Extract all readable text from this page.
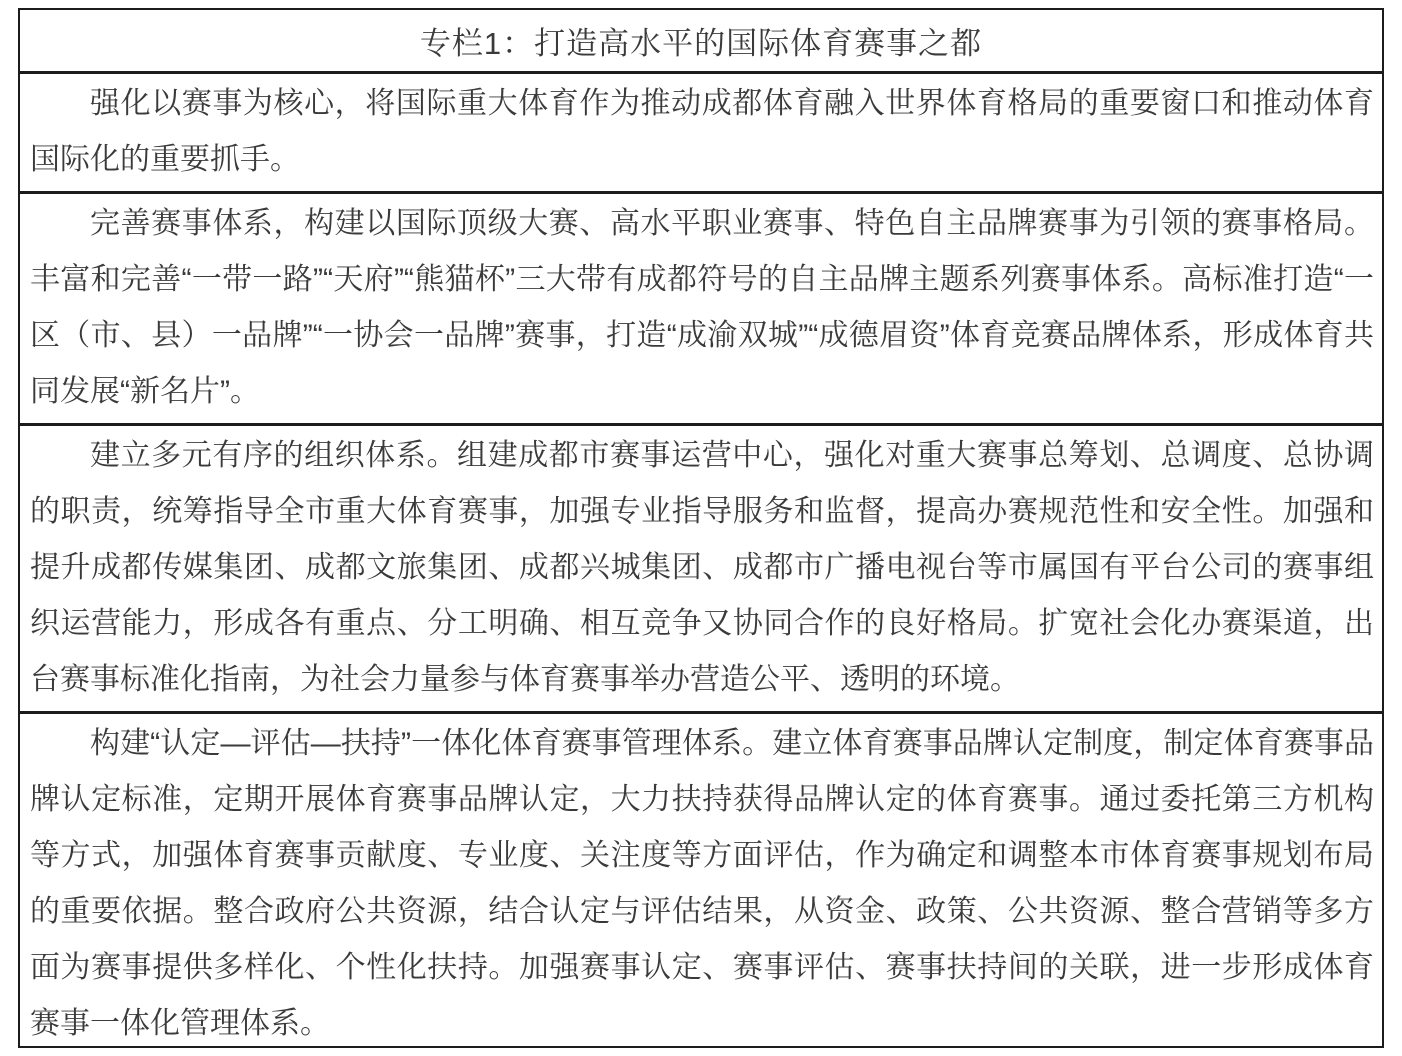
专栏1：打造高水平的国际体育赛事之都
强化以赛事为核心，将国际重大体育作为推动成都体育融入世界体育格局的重要窗口和推动体育国际化的重要抓手。
完善赛事体系，构建以国际顶级大赛、高水平职业赛事、特色自主品牌赛事为引领的赛事格局。丰富和完善“一带一路”“天府”“熊猫杯”三大带有成都符号的自主品牌主题系列赛事体系。高标准打造“一区（市、县）一品牌”“一协会一品牌”赛事，打造“成渝双城”“成德眉资”体育竞赛品牌体系，形成体育共同发展“新名片”。
建立多元有序的组织体系。组建成都市赛事运营中心，强化对重大赛事总筹划、总调度、总协调的职责，统筹指导全市重大体育赛事，加强专业指导服务和监督，提高办赛规范性和安全性。加强和提升成都传媒集团、成都文旅集团、成都兴城集团、成都市广播电视台等市属国有平台公司的赛事组织运营能力，形成各有重点、分工明确、相互竞争又协同合作的良好格局。扩宽社会化办赛渠道，出台赛事标准化指南，为社会力量参与体育赛事举办营造公平、透明的环境。
构建“认定—评估—扶持”一体化体育赛事管理体系。建立体育赛事品牌认定制度，制定体育赛事品牌认定标准，定期开展体育赛事品牌认定，大力扶持获得品牌认定的体育赛事。通过委托第三方机构等方式，加强体育赛事贡献度、专业度、关注度等方面评估，作为确定和调整本市体育赛事规划布局的重要依据。整合政府公共资源，结合认定与评估结果，从资金、政策、公共资源、整合营销等多方面为赛事提供多样化、个性化扶持。加强赛事认定、赛事评估、赛事扶持间的关联，进一步形成体育赛事一体化管理体系。
